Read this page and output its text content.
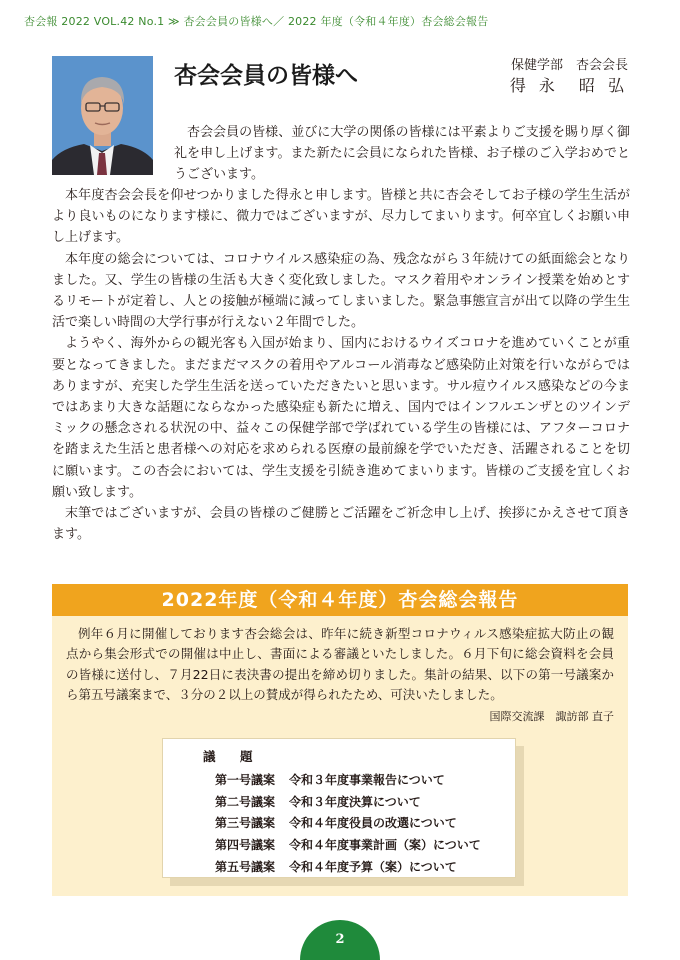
杏会報 2022 VOL.42 No.1 ≫ 杏会会員の皆様へ／ 2022 年度（令和４年度）杏会総会報告
杏会会員の皆様へ	保健学部　杏会会長
得 永　昭 弘

杏会会員の皆様、並びに大学の関係の皆様には平素よりご支援を賜り厚く御礼を申し上げます。また新たに会員になられた皆様、お子様のご入学おめでとうございます。

本年度杏会会長を仰せつかりました得永と申します。皆様と共に杏会そしてお子様の学生生活がより良いものになります様に、微力ではございますが、尽力してまいります。何卒宜しくお願い申し上げます。

本年度の総会については、コロナウイルス感染症の為、残念ながら３年続けての紙面総会となりました。又、学生の皆様の生活も大きく変化致しました。マスク着用やオンライン授業を始めとするリモートが定着し、人との接触が極端に減ってしまいました。緊急事態宣言が出て以降の学生生活で楽しい時間の大学行事が行えない２年間でした。

ようやく、海外からの観光客も入国が始まり、国内におけるウイズコロナを進めていくことが重要となってきました。まだまだマスクの着用やアルコール消毒など感染防止対策を行いながらではありますが、充実した学生生活を送っていただきたいと思います。サル痘ウイルス感染などの今まではあまり大きな話題にならなかった感染症も新たに増え、国内ではインフルエンザとのツインデミックの懸念される状況の中、益々この保健学部で学ばれている学生の皆様には、アフターコロナを踏まえた生活と患者様への対応を求められる医療の最前線を学でいただき、活躍されることを切に願います。この杏会においては、学生支援を引続き進めてまいります。皆様のご支援を宜しくお願い致します。

末筆ではございますが、会員の皆様のご健勝とご活躍をご祈念申し上げ、挨拶にかえさせて頂きます。

2022年度（令和４年度）杏会総会報告

例年６月に開催しております杏会総会は、昨年に続き新型コロナウィルス感染症拡大防止の観点から集会形式での開催は中止し、書面による審議といたしました。６月下旬に総会資料を会員の皆様に送付し、７月22日に表決書の提出を締め切りました。集計の結果、以下の第一号議案から第五号議案まで、３分の２以上の賛成が得られたため、可決いたしました。

国際交流課　諏訪部 直子
議　題
第一号議案	令和３年度事業報告について
第二号議案	令和３年度決算について
第三号議案	令和４年度役員の改選について
第四号議案	令和４年度事業計画（案）について
第五号議案	令和４年度予算（案）について
2
